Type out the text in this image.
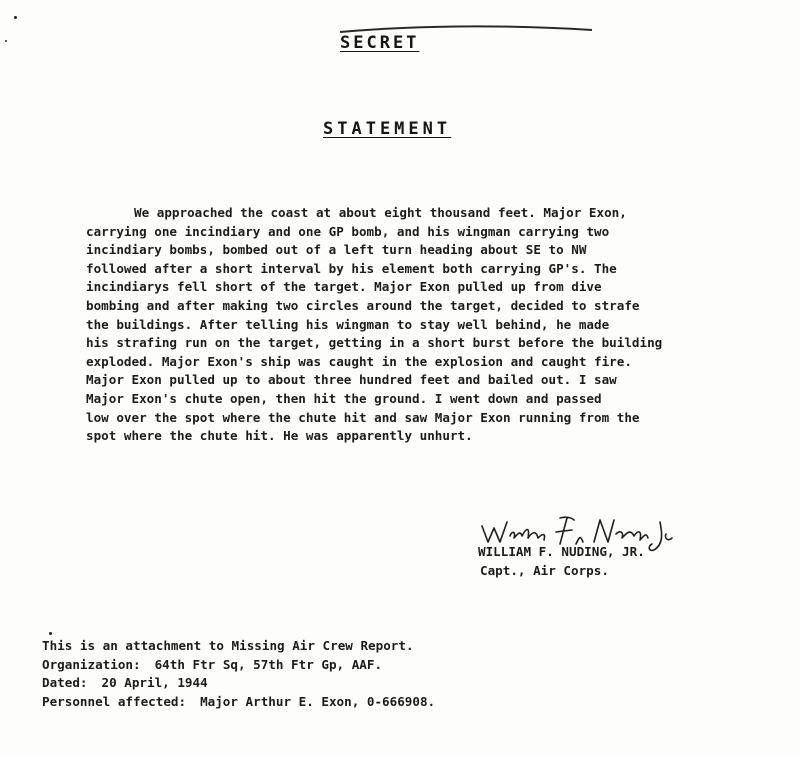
SECRET
STATEMENT
We approached the coast at about eight thousand feet. Major Exon,
carrying one incindiary and one GP bomb, and his wingman carrying two
incindiary bombs, bombed out of a left turn heading about SE to NW
followed after a short interval by his element both carrying GP's. The
incindiarys fell short of the target. Major Exon pulled up from dive
bombing and after making two circles around the target, decided to strafe
the buildings. After telling his wingman to stay well behind, he made
his strafing run on the target, getting in a short burst before the building
exploded. Major Exon's ship was caught in the explosion and caught fire.
Major Exon pulled up to about three hundred feet and bailed out. I saw
Major Exon's chute open, then hit the ground. I went down and passed
low over the spot where the chute hit and saw Major Exon running from the
spot where the chute hit. He was apparently unhurt.
WILLIAM F. NUDING, JR.
Capt., Air Corps.
This is an attachment to Missing Air Crew Report.
Organization: 64th Ftr Sq, 57th Ftr Gp, AAF.
Dated: 20 April, 1944
Personnel affected: Major Arthur E. Exon, 0-666908.
